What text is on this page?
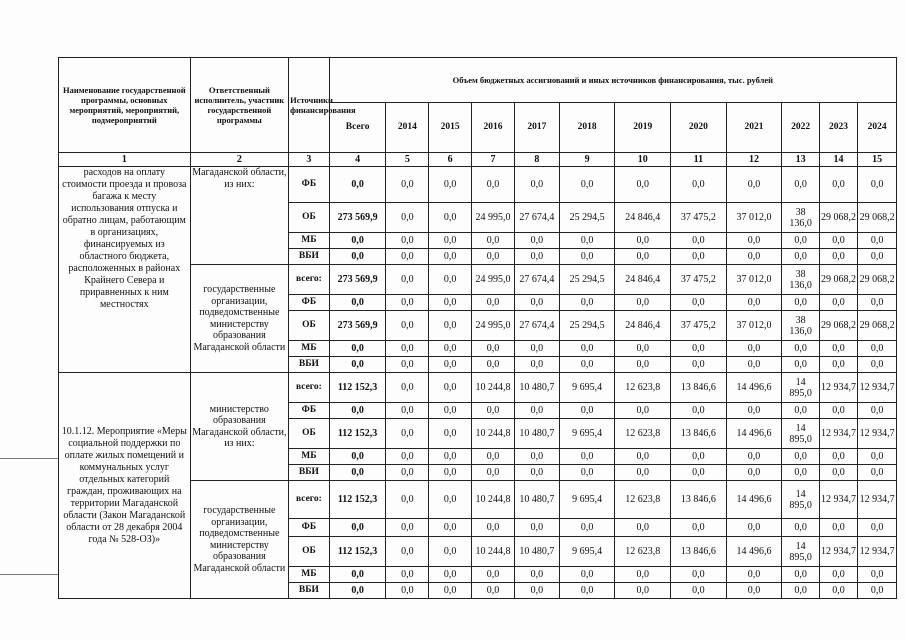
Наименование государственной программы, основных мероприятий, мероприятий, подмероприятий	Ответственный исполнитель, участник государственной программы	Источники финансирования	Объем бюджетных ассигнований и иных источников финансирования, тыс. рублей											
			Всего	2014	2015	2016	2017	2018	2019	2020	2021	2022	2023	2024
1	2	3	4	5	6	7	8	9	10	11	12	13	14	15
расходов на оплату стоимости проезда и провоза багажа к месту использования отпуска и обратно лицам, работающим в организациях, финансируемых из областного бюджета, расположенных в районах Крайнего Севера и приравненных к ним местностях	Магаданской области, из них:	ФБ	0,0	0,0	0,0	0,0	0,0	0,0	0,0	0,0	0,0	0,0	0,0	0,0
		ОБ	273 569,9	0,0	0,0	24 995,0	27 674,4	25 294,5	24 846,4	37 475,2	37 012,0	38 136,0	29 068,2	29 068,2
		МБ	0,0	0,0	0,0	0,0	0,0	0,0	0,0	0,0	0,0	0,0	0,0	0,0
		ВБИ	0,0	0,0	0,0	0,0	0,0	0,0	0,0	0,0	0,0	0,0	0,0	0,0
	государственные организации, подведомственные министерству образования Магаданской области	всего:	273 569,9	0,0	0,0	24 995,0	27 674,4	25 294,5	24 846,4	37 475,2	37 012,0	38 136,0	29 068,2	29 068,2
		ФБ	0,0	0,0	0,0	0,0	0,0	0,0	0,0	0,0	0,0	0,0	0,0	0,0
		ОБ	273 569,9	0,0	0,0	24 995,0	27 674,4	25 294,5	24 846,4	37 475,2	37 012,0	38 136,0	29 068,2	29 068,2
		МБ	0,0	0,0	0,0	0,0	0,0	0,0	0,0	0,0	0,0	0,0	0,0	0,0
		ВБИ	0,0	0,0	0,0	0,0	0,0	0,0	0,0	0,0	0,0	0,0	0,0	0,0
10.1.12. Мероприятие «Меры социальной поддержки по оплате жилых помещений и коммунальных услуг отдельных категорий граждан, проживающих на территории Магаданской области (Закон Магаданской области от 28 декабря 2004 года № 528-ОЗ)»	министерство образования Магаданской области, из них:	всего:	112 152,3	0,0	0,0	10 244,8	10 480,7	9 695,4	12 623,8	13 846,6	14 496,6	14 895,0	12 934,7	12 934,7
		ФБ	0,0	0,0	0,0	0,0	0,0	0,0	0,0	0,0	0,0	0,0	0,0	0,0
		ОБ	112 152,3	0,0	0,0	10 244,8	10 480,7	9 695,4	12 623,8	13 846,6	14 496,6	14 895,0	12 934,7	12 934,7
		МБ	0,0	0,0	0,0	0,0	0,0	0,0	0,0	0,0	0,0	0,0	0,0	0,0
		ВБИ	0,0	0,0	0,0	0,0	0,0	0,0	0,0	0,0	0,0	0,0	0,0	0,0
	государственные организации, подведомственные министерству образования Магаданской области	всего:	112 152,3	0,0	0,0	10 244,8	10 480,7	9 695,4	12 623,8	13 846,6	14 496,6	14 895,0	12 934,7	12 934,7
		ФБ	0,0	0,0	0,0	0,0	0,0	0,0	0,0	0,0	0,0	0,0	0,0	0,0
		ОБ	112 152,3	0,0	0,0	10 244,8	10 480,7	9 695,4	12 623,8	13 846,6	14 496,6	14 895,0	12 934,7	12 934,7
		МБ	0,0	0,0	0,0	0,0	0,0	0,0	0,0	0,0	0,0	0,0	0,0	0,0
		ВБИ	0,0	0,0	0,0	0,0	0,0	0,0	0,0	0,0	0,0	0,0	0,0	0,0
